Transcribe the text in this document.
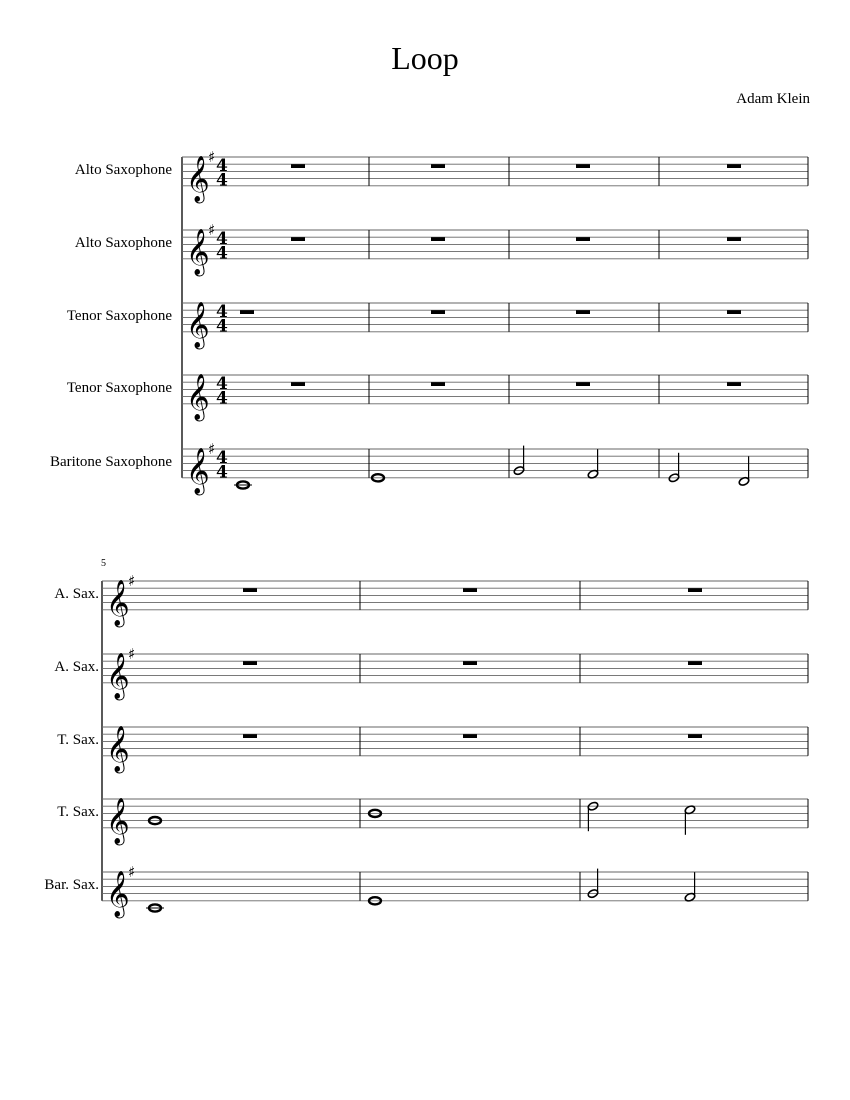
Loop
Adam Klein
5
Alto Saxophone
Alto Saxophone
Tenor Saxophone
Tenor Saxophone
Baritone Saxophone
A. Sax.
A. Sax.
T. Sax.
T. Sax.
Bar. Sax.
𝄞
♯ 4
4
𝄞
♯ 4
4
𝄞 4
4
𝄞 4
4
𝄞
♯ 4
4
𝄞
♯
𝄞
♯
𝄞
𝄞
𝄞
♯
